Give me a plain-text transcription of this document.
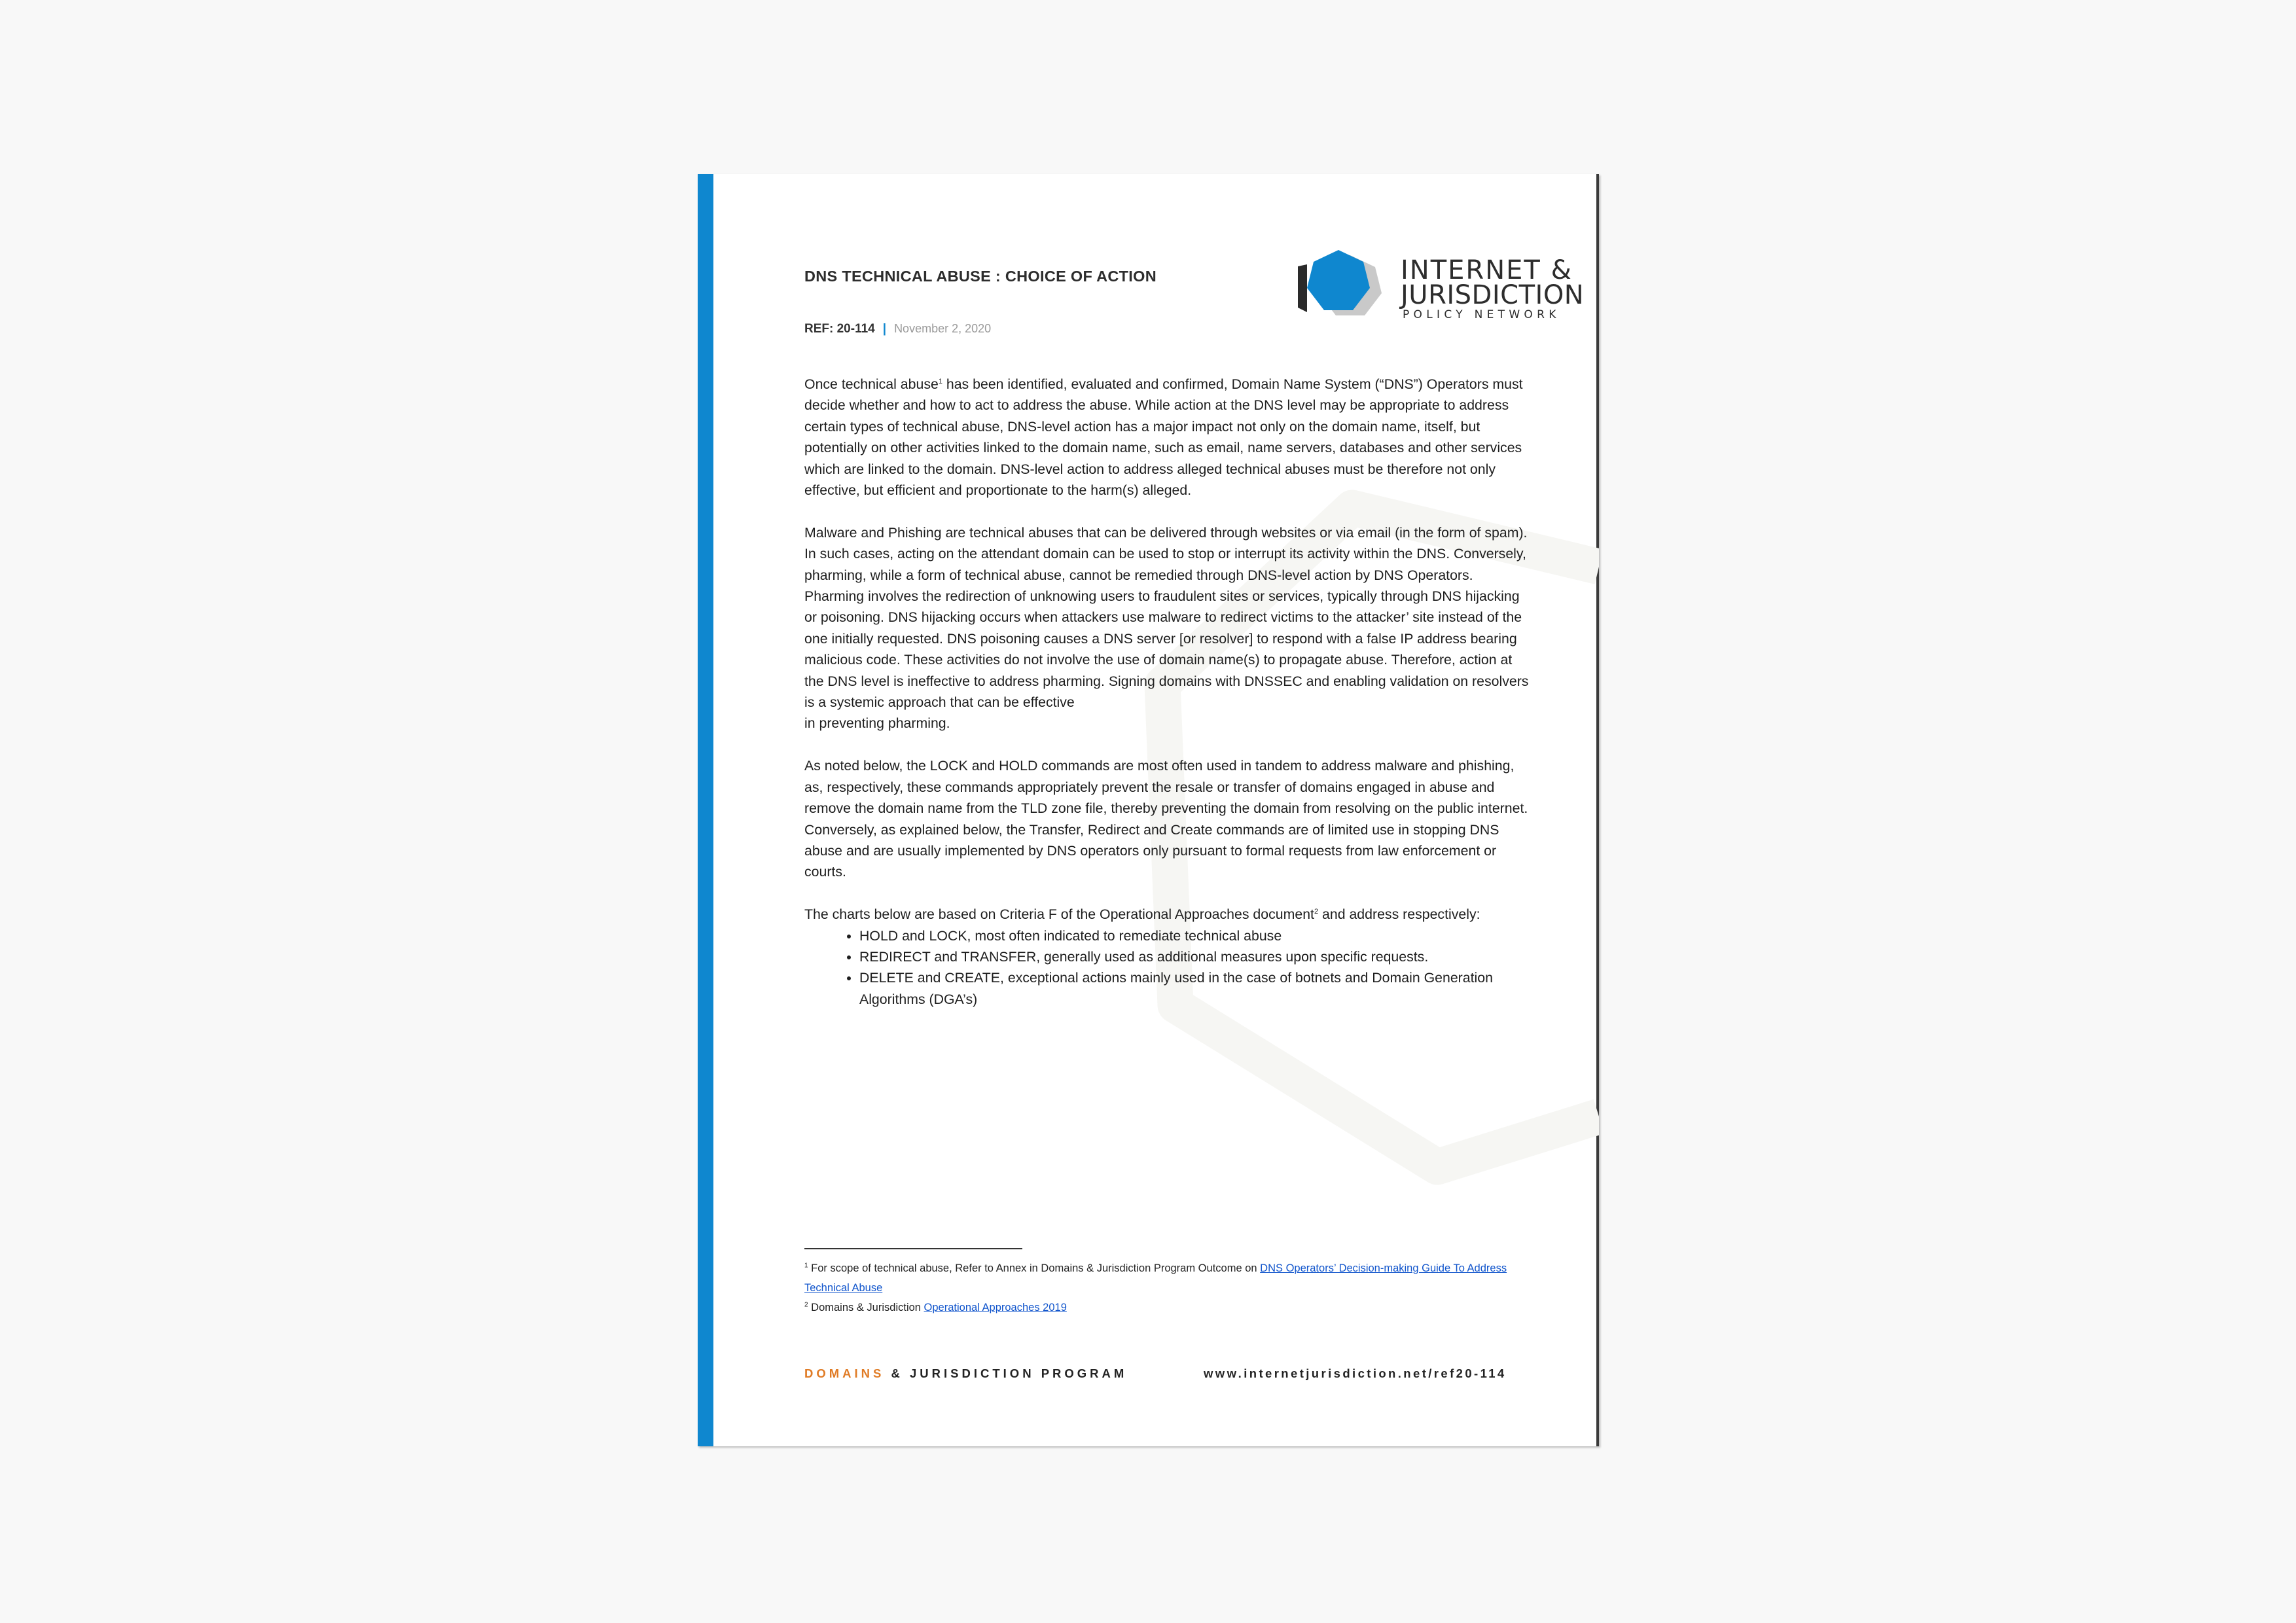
DNS TECHNICAL ABUSE : CHOICE OF ACTION
REF: 20-114 | November 2, 2020
INTERNET &
JURISDICTION
POLICY NETWORK

Once technical abuse$^1$ has been identified, evaluated and confirmed, Domain Name System (“DNS”) Operators must decide whether and how to act to address the abuse. While action at the DNS level may be appropriate to address certain types of technical abuse, DNS-level action has a major impact not only on the domain name, itself, but potentially on other activities linked to the domain name, such as email, name servers, databases and other services which are linked to the domain. DNS-level action to address alleged technical abuses must be therefore not only effective, but efficient and proportionate to the harm(s) alleged.

Malware and Phishing are technical abuses that can be delivered through websites or via email (in the form of spam). In such cases, acting on the attendant domain can be used to stop or interrupt its activity within the DNS. Conversely, pharming, while a form of technical abuse, cannot be remedied through DNS-level action by DNS Operators. Pharming involves the redirection of unknowing users to fraudulent sites or services, typically through DNS hijacking or poisoning. DNS hijacking occurs when attackers use malware to redirect victims to the attacker’ site instead of the one initially requested. DNS poisoning causes a DNS server [or resolver] to respond with a false IP address bearing malicious code. These activities do not involve the use of domain name(s) to propagate abuse. Therefore, action at the DNS level is ineffective to address pharming. Signing domains with DNSSEC and enabling validation on resolvers is a systemic approach that can be effective
in preventing pharming.

As noted below, the LOCK and HOLD commands are most often used in tandem to address malware and phishing, as, respectively, these commands appropriately prevent the resale or transfer of domains engaged in abuse and remove the domain name from the TLD zone file, thereby preventing the domain from resolving on the public internet. Conversely, as explained below, the Transfer, Redirect and Create commands are of limited use in stopping DNS abuse and are usually implemented by DNS operators only pursuant to formal requests from law enforcement or courts.

The charts below are based on Criteria F of the Operational Approaches document$^2$ and address respectively:

• HOLD and LOCK, most often indicated to remediate technical abuse
• REDIRECT and TRANSFER, generally used as additional measures upon specific requests.
• DELETE and CREATE, exceptional actions mainly used in the case of botnets and Domain Generation Algorithms (DGA’s)
$^1$ For scope of technical abuse, Refer to Annex in Domains & Jurisdiction Program Outcome on DNS Operators’ Decision-making Guide To Address Technical Abuse
$^2$ Domains & Jurisdiction Operational Approaches 2019
DOMAINS & JURISDICTION PROGRAM	www.internetjurisdiction.net/ref20-114
